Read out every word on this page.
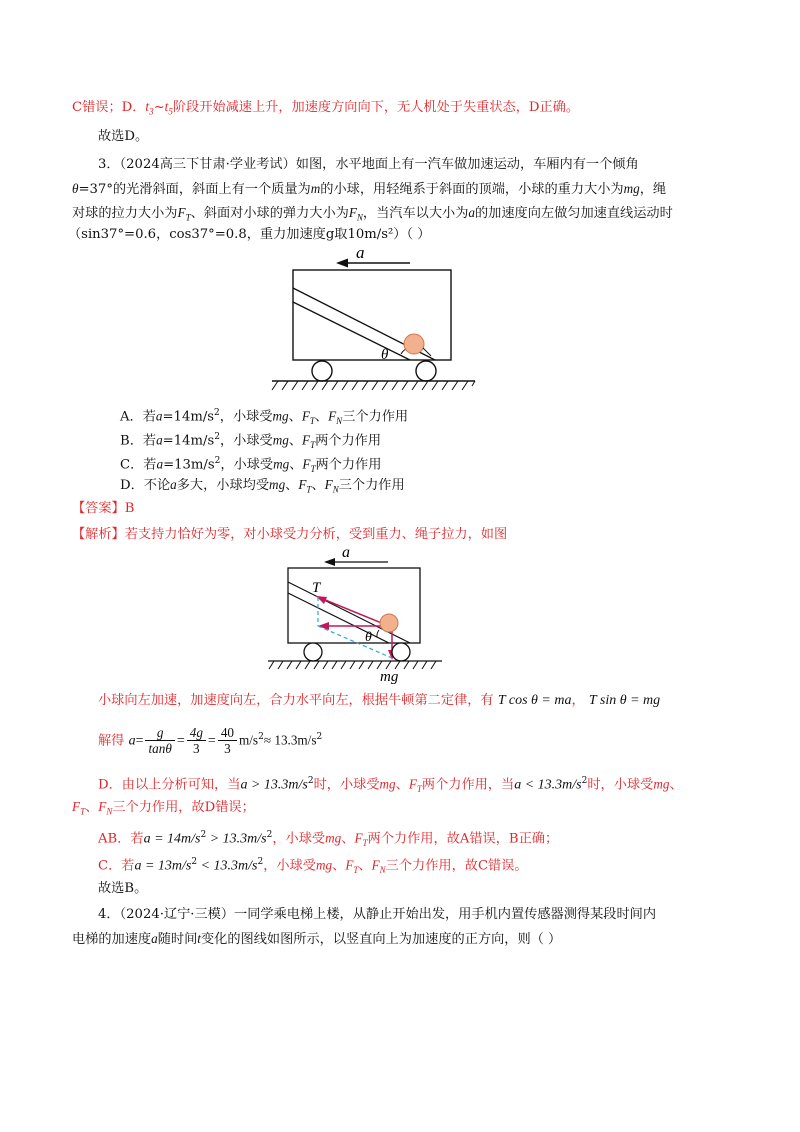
C错误；D．$t_3\sim t_5$阶段开始减速上升，加速度方向向下，无人机处于失重状态，D正确。
故选D。
3．（2024高三下甘肃·学业考试）如图，水平地面上有一汽车做加速运动，车厢内有一个倾角
θ=37°的光滑斜面，斜面上有一个质量为m的小球，用轻绳系于斜面的顶端，小球的重力大小为mg，绳
对球的拉力大小为$F_T$、斜面对小球的弹力大小为$F_N$，当汽车以大小为a的加速度向左做匀加速直线运动时
（sin37°=0.6，cos37°=0.8，重力加速度g取10m/s²）（ ）
a
θ
A．若$a=14m/s^2$，小球受mg、$F_T$、$F_N$三个力作用
B．若$a=14m/s^2$，小球受mg、$F_T$两个力作用
C．若$a=13m/s^2$，小球受mg、$F_T$两个力作用
D．不论a多大，小球均受mg、$F_T$、$F_N$三个力作用
【答案】B
【解析】若支持力恰好为零，对小球受力分析，受到重力、绳子拉力，如图
a
T
θ
mg
小球向左加速，加速度向左，合力水平向左，根据牛顿第二定律，有 T cos θ = ma， T sin θ = mg
解得 $a= \frac{g}{\tan\theta} = \frac{4g}{3} = \frac{40}{3} m/s^2\approx 13.3m/s^2$
D．由以上分析可知，当$a > 13.3m/s^2$时，小球受mg、$F_T$两个力作用，当$a < 13.3m/s^2$时，小球受mg、
$F_T$、$F_N$三个力作用，故D错误；
AB．若$a = 14m/s^2 > 13.3m/s^2$，小球受mg、$F_T$两个力作用，故A错误，B正确；
C．若$a = 13m/s^2 < 13.3m/s^2$，小球受mg、$F_T$、$F_N$三个力作用，故C错误。
故选B。
4．（2024·辽宁·三模）一同学乘电梯上楼，从静止开始出发，用手机内置传感器测得某段时间内
电梯的加速度a随时间t变化的图线如图所示，以竖直向上为加速度的正方向，则（ ）
